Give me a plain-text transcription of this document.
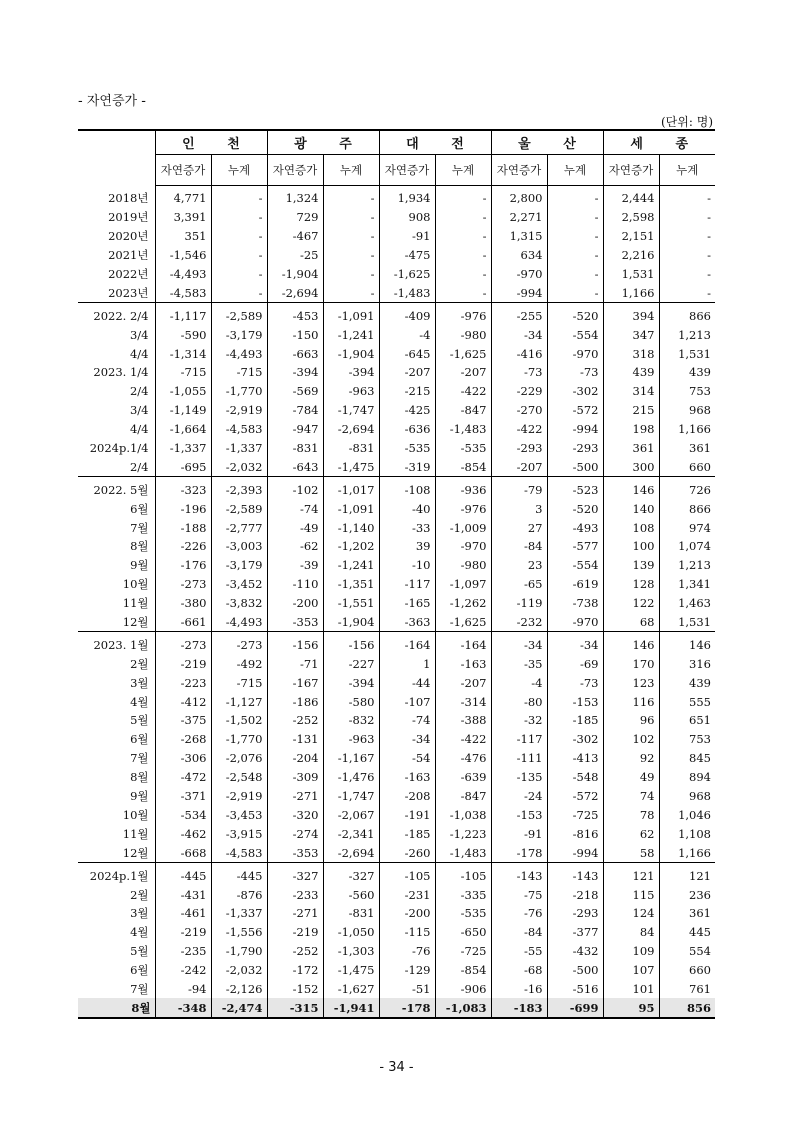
- 자연증가 -
(단위: 명)
	인 천		광 주		대 전		울 산		세 종	
	자연증가	누계	자연증가	누계	자연증가	누계	자연증가	누계	자연증가	누계
2018년	4,771	-	1,324	-	1,934	-	2,800	-	2,444	-
2019년	3,391	-	729	-	908	-	2,271	-	2,598	-
2020년	351	-	-467	-	-91	-	1,315	-	2,151	-
2021년	-1,546	-	-25	-	-475	-	634	-	2,216	-
2022년	-4,493	-	-1,904	-	-1,625	-	-970	-	1,531	-
2023년	-4,583	-	-2,694	-	-1,483	-	-994	-	1,166	-
2022. 2/4	-1,117	-2,589	-453	-1,091	-409	-976	-255	-520	394	866
3/4	-590	-3,179	-150	-1,241	-4	-980	-34	-554	347	1,213
4/4	-1,314	-4,493	-663	-1,904	-645	-1,625	-416	-970	318	1,531
2023. 1/4	-715	-715	-394	-394	-207	-207	-73	-73	439	439
2/4	-1,055	-1,770	-569	-963	-215	-422	-229	-302	314	753
3/4	-1,149	-2,919	-784	-1,747	-425	-847	-270	-572	215	968
4/4	-1,664	-4,583	-947	-2,694	-636	-1,483	-422	-994	198	1,166
2024p.1/4	-1,337	-1,337	-831	-831	-535	-535	-293	-293	361	361
2/4	-695	-2,032	-643	-1,475	-319	-854	-207	-500	300	660
2022. 5월	-323	-2,393	-102	-1,017	-108	-936	-79	-523	146	726
6월	-196	-2,589	-74	-1,091	-40	-976	3	-520	140	866
7월	-188	-2,777	-49	-1,140	-33	-1,009	27	-493	108	974
8월	-226	-3,003	-62	-1,202	39	-970	-84	-577	100	1,074
9월	-176	-3,179	-39	-1,241	-10	-980	23	-554	139	1,213
10월	-273	-3,452	-110	-1,351	-117	-1,097	-65	-619	128	1,341
11월	-380	-3,832	-200	-1,551	-165	-1,262	-119	-738	122	1,463
12월	-661	-4,493	-353	-1,904	-363	-1,625	-232	-970	68	1,531
2023. 1월	-273	-273	-156	-156	-164	-164	-34	-34	146	146
2월	-219	-492	-71	-227	1	-163	-35	-69	170	316
3월	-223	-715	-167	-394	-44	-207	-4	-73	123	439
4월	-412	-1,127	-186	-580	-107	-314	-80	-153	116	555
5월	-375	-1,502	-252	-832	-74	-388	-32	-185	96	651
6월	-268	-1,770	-131	-963	-34	-422	-117	-302	102	753
7월	-306	-2,076	-204	-1,167	-54	-476	-111	-413	92	845
8월	-472	-2,548	-309	-1,476	-163	-639	-135	-548	49	894
9월	-371	-2,919	-271	-1,747	-208	-847	-24	-572	74	968
10월	-534	-3,453	-320	-2,067	-191	-1,038	-153	-725	78	1,046
11월	-462	-3,915	-274	-2,341	-185	-1,223	-91	-816	62	1,108
12월	-668	-4,583	-353	-2,694	-260	-1,483	-178	-994	58	1,166
2024p.1월	-445	-445	-327	-327	-105	-105	-143	-143	121	121
2월	-431	-876	-233	-560	-231	-335	-75	-218	115	236
3월	-461	-1,337	-271	-831	-200	-535	-76	-293	124	361
4월	-219	-1,556	-219	-1,050	-115	-650	-84	-377	84	445
5월	-235	-1,790	-252	-1,303	-76	-725	-55	-432	109	554
6월	-242	-2,032	-172	-1,475	-129	-854	-68	-500	107	660
7월	-94	-2,126	-152	-1,627	-51	-906	-16	-516	101	761
8월	-348	-2,474	-315	-1,941	-178	-1,083	-183	-699	95	856
- 34 -
